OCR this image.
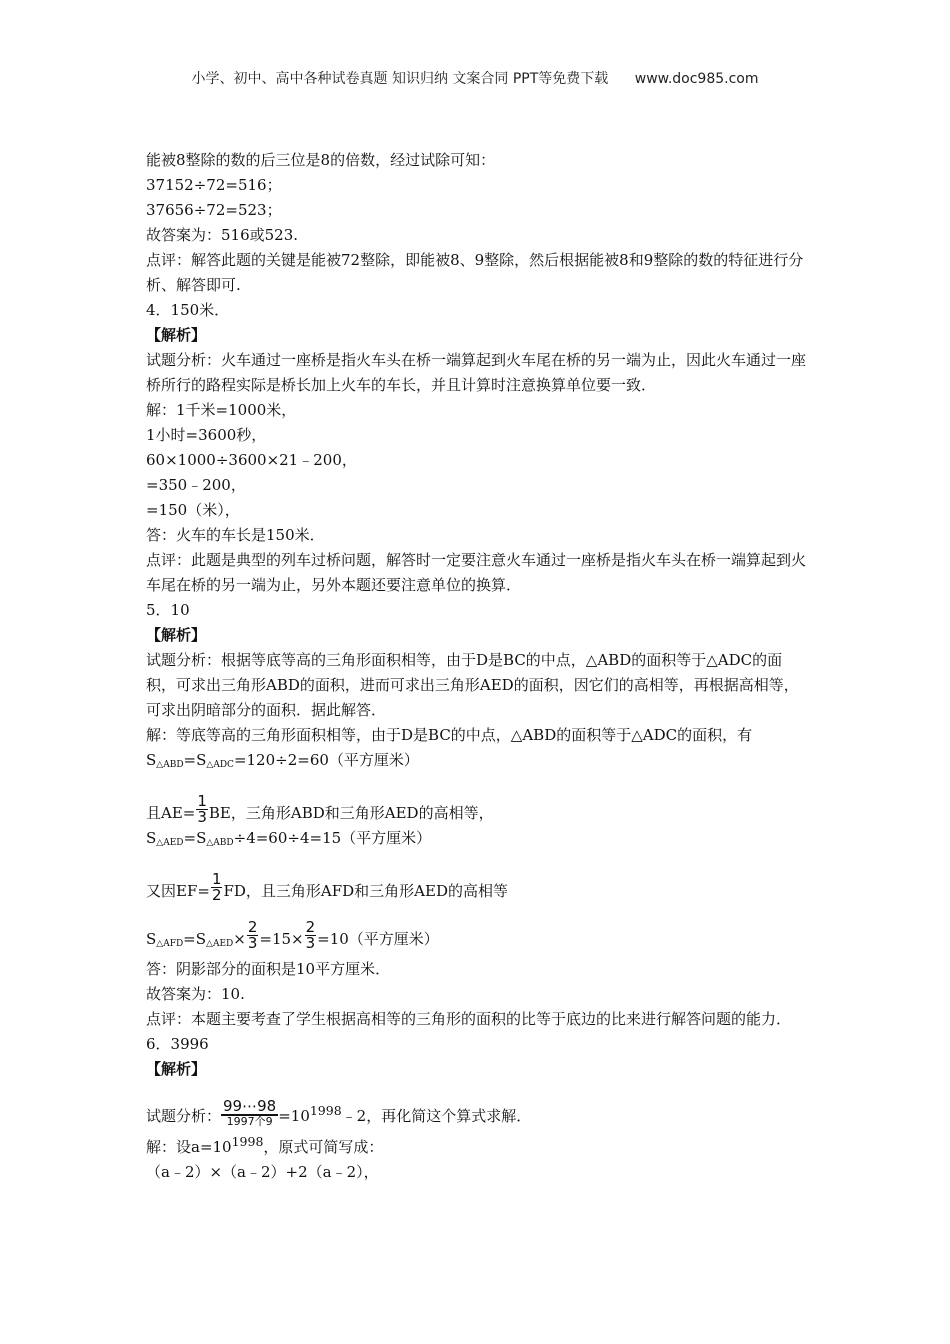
小学、初中、高中各种试卷真题 知识归纳 文案合同 PPT等免费下载 www.doc985.com

能被8整除的数的后三位是8的倍数，经过试除可知：

37152÷72=516；

37656÷72=523；

故答案为：516或523.

点评：解答此题的关键是能被72整除，即能被8、9整除，然后根据能被8和9整除的数的特征进行分析、解答即可.

4．150米．

【解析】

试题分析：火车通过一座桥是指火车头在桥一端算起到火车尾在桥的另一端为止，因此火车通过一座桥所行的路程实际是桥长加上火车的车长，并且计算时注意换算单位要一致．

解：1千米=1000米，

1小时=3600秒，

60×1000÷3600×21﹣200，

=350﹣200，

=150（米），

答：火车的车长是150米．

点评：此题是典型的列车过桥问题，解答时一定要注意火车通过一座桥是指火车头在桥一端算起到火车尾在桥的另一端为止，另外本题还要注意单位的换算．

5．10

【解析】

试题分析：根据等底等高的三角形面积相等，由于D是BC的中点，△ABD的面积等于△ADC的面积，可求出三角形ABD的面积，进而可求出三角形AED的面积，因它们的高相等，再根据高相等，可求出阴暗部分的面积．据此解答．

解：等底等高的三角形面积相等，由于D是BC的中点，△ABD的面积等于△ADC的面积，有

$S_{\triangle ABD}=S_{\triangle ADC}=120\div 2=60$（平方厘米）

且$AE= \frac{1}{3}$ BE，三角形ABD和三角形AED的高相等，

$S_{\triangle AED}=S_{\triangle ABD}\div 4=60\div 4=15$（平方厘米）

又因$EF= \frac{1}{2}$ FD，且三角形AFD和三角形AED的高相等

$S_{\triangle AFD}=S_{\triangle AED}\times \frac{2}{3} =15\times \frac{2}{3} =10$（平方厘米）

答：阴影部分的面积是10平方厘米．

故答案为：10.

点评：本题主要考查了学生根据高相等的三角形的面积的比等于底边的比来进行解答问题的能力．

6．3996

【解析】

试题分析：
99⋯98
1997个$9 =10^{1998}﹣2$，再化简这个算式求解．

解：设$a=10^{1998}$，原式可简写成：

（a﹣2）×（a﹣2）+2（a﹣2），
